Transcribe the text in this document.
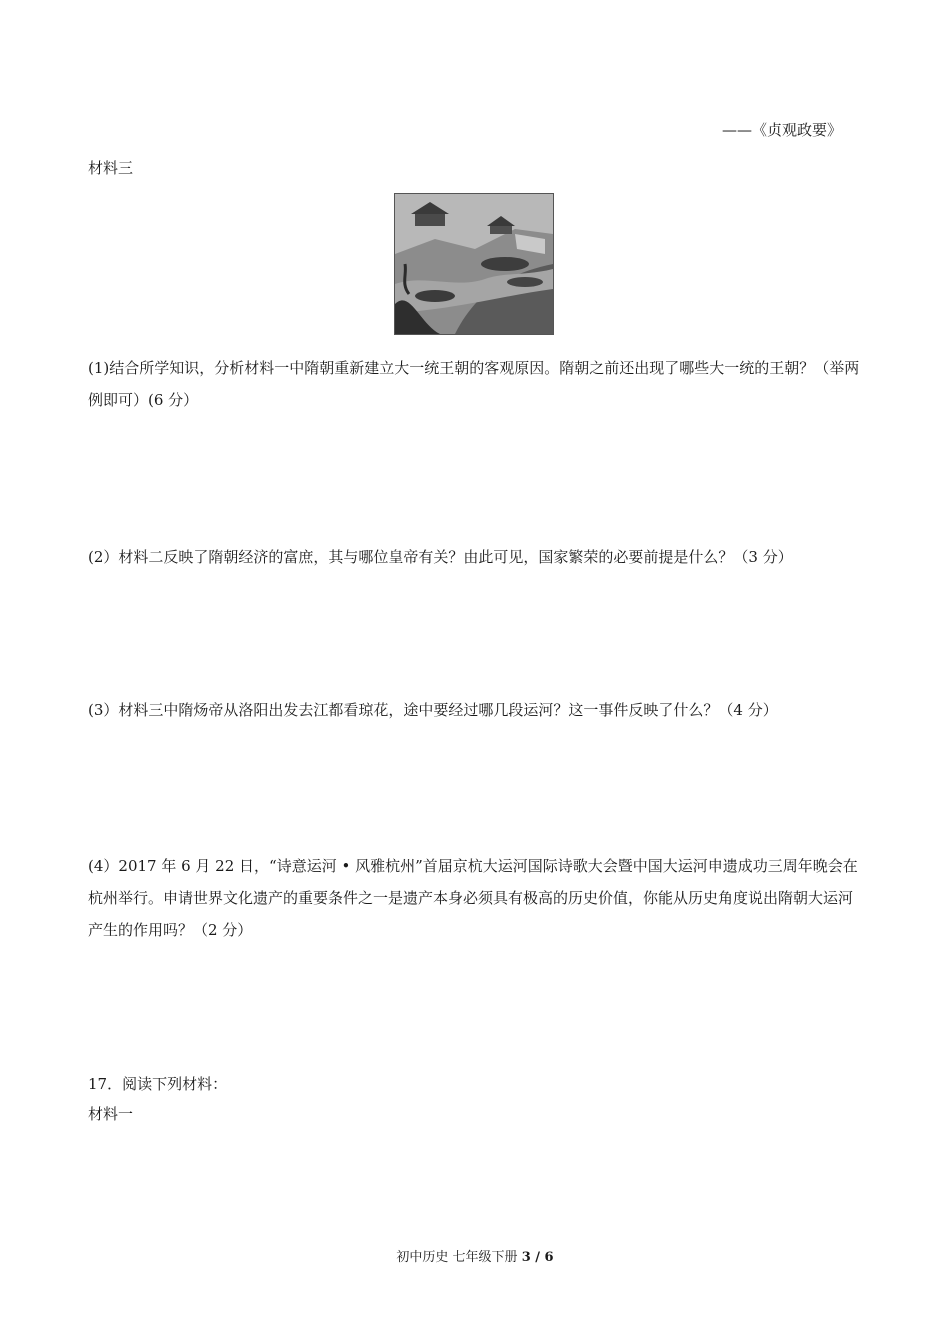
——《贞观政要》
材料三
(1)结合所学知识，分析材料一中隋朝重新建立大一统王朝的客观原因。隋朝之前还出现了哪些大一统的王朝？（举两例即可）(6 分）
(2）材料二反映了隋朝经济的富庶，其与哪位皇帝有关？由此可见，国家繁荣的必要前提是什么？（3 分）
(3）材料三中隋炀帝从洛阳出发去江都看琼花，途中要经过哪几段运河？这一事件反映了什么？（4 分）
(4）2017 年 6 月 22 日，“诗意运河 • 风雅杭州”首届京杭大运河国际诗歌大会暨中国大运河申遗成功三周年晚会在杭州举行。申请世界文化遗产的重要条件之一是遗产本身必须具有极高的历史价值，你能从历史角度说出隋朝大运河产生的作用吗？（2 分）
17．阅读下列材料：
材料一
初中历史 七年级下册 3 / 6
